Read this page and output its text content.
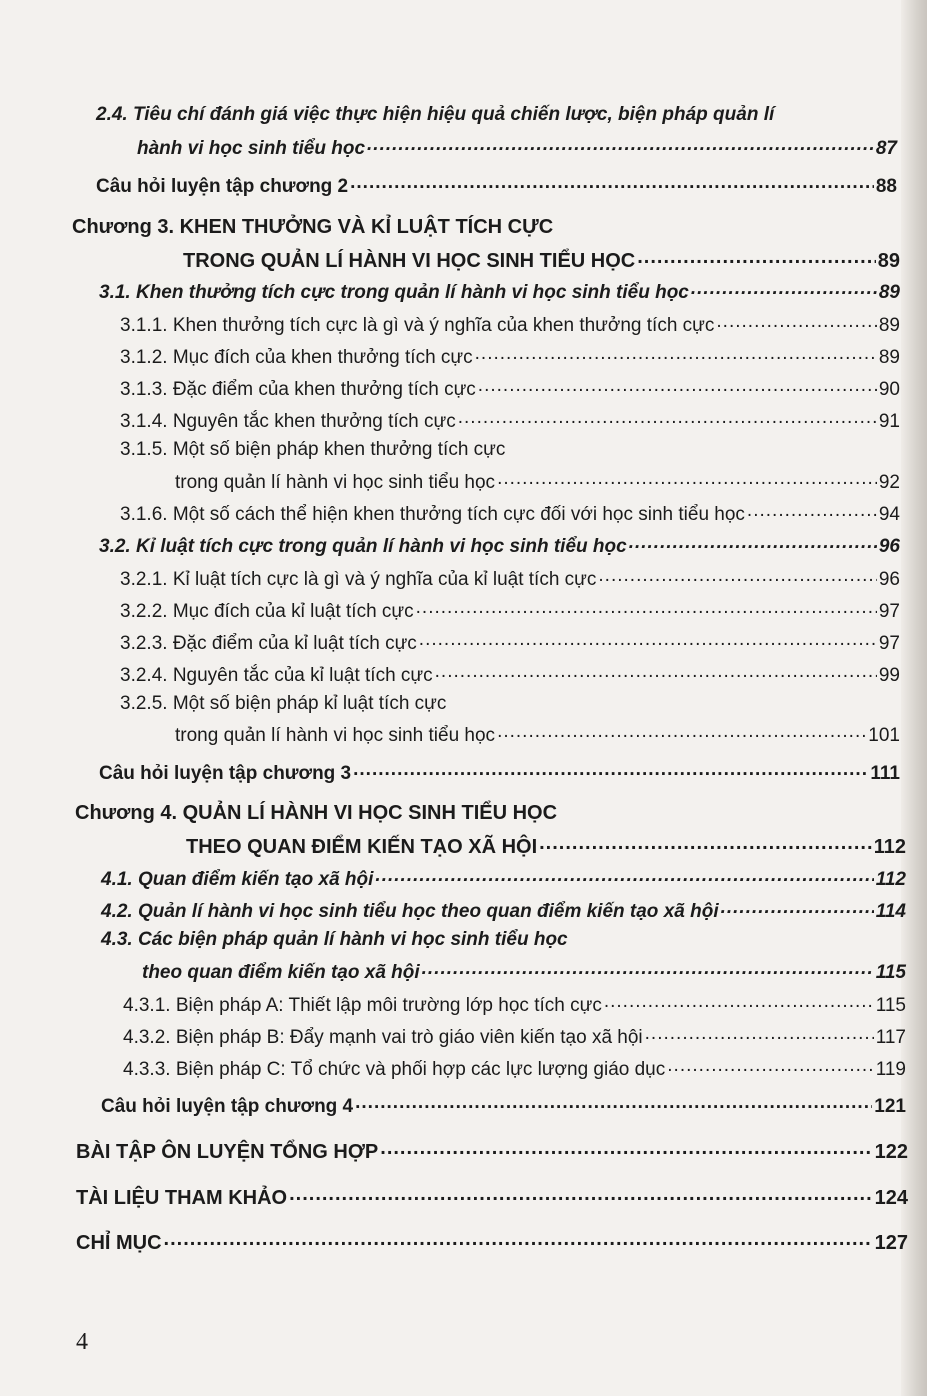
2.4. Tiêu chí đánh giá việc thực hiện hiệu quả chiến lược, biện pháp quản lí
hành vi học sinh tiểu học .....	87
Câu hỏi luyện tập chương 2 .....	88
Chương 3. KHEN THƯỞNG VÀ KỈ LUẬT TÍCH CỰC
TRONG QUẢN LÍ HÀNH VI HỌC SINH TIỂU HỌC .....	89
3.1. Khen thưởng tích cực trong quản lí hành vi học sinh tiểu học .....	89
3.1.1. Khen thưởng tích cực là gì và ý nghĩa của khen thưởng tích cực .....	89
3.1.2. Mục đích của khen thưởng tích cực .....	89
3.1.3. Đặc điểm của khen thưởng tích cực .....	90
3.1.4. Nguyên tắc khen thưởng tích cực .....	91
3.1.5. Một số biện pháp khen thưởng tích cực
trong quản lí hành vi học sinh tiểu học .....	92
3.1.6. Một số cách thể hiện khen thưởng tích cực đối với học sinh tiểu học .....	94
3.2. Kỉ luật tích cực trong quản lí hành vi học sinh tiểu học .....	96
3.2.1. Kỉ luật tích cực là gì và ý nghĩa của kỉ luật tích cực .....	96
3.2.2. Mục đích của kỉ luật tích cực .....	97
3.2.3. Đặc điểm của kỉ luật tích cực .....	97
3.2.4. Nguyên tắc của kỉ luật tích cực .....	99
3.2.5. Một số biện pháp kỉ luật tích cực
trong quản lí hành vi học sinh tiểu học .....	101
Câu hỏi luyện tập chương 3 .....	111
Chương 4. QUẢN LÍ HÀNH VI HỌC SINH TIỂU HỌC
THEO QUAN ĐIỂM KIẾN TẠO XÃ HỘI .....	112
4.1. Quan điểm kiến tạo xã hội .....	112
4.2. Quản lí hành vi học sinh tiểu học theo quan điểm kiến tạo xã hội .....	114
4.3. Các biện pháp quản lí hành vi học sinh tiểu học
theo quan điểm kiến tạo xã hội .....	115
4.3.1. Biện pháp A: Thiết lập môi trường lớp học tích cực .....	115
4.3.2. Biện pháp B: Đẩy mạnh vai trò giáo viên kiến tạo xã hội .....	117
4.3.3. Biện pháp C: Tổ chức và phối hợp các lực lượng giáo dục .....	119
Câu hỏi luyện tập chương 4 .....	121
BÀI TẬP ÔN LUYỆN TỔNG HỢP .....	122
TÀI LIỆU THAM KHẢO .....	124
CHỈ MỤC .....	127
4
